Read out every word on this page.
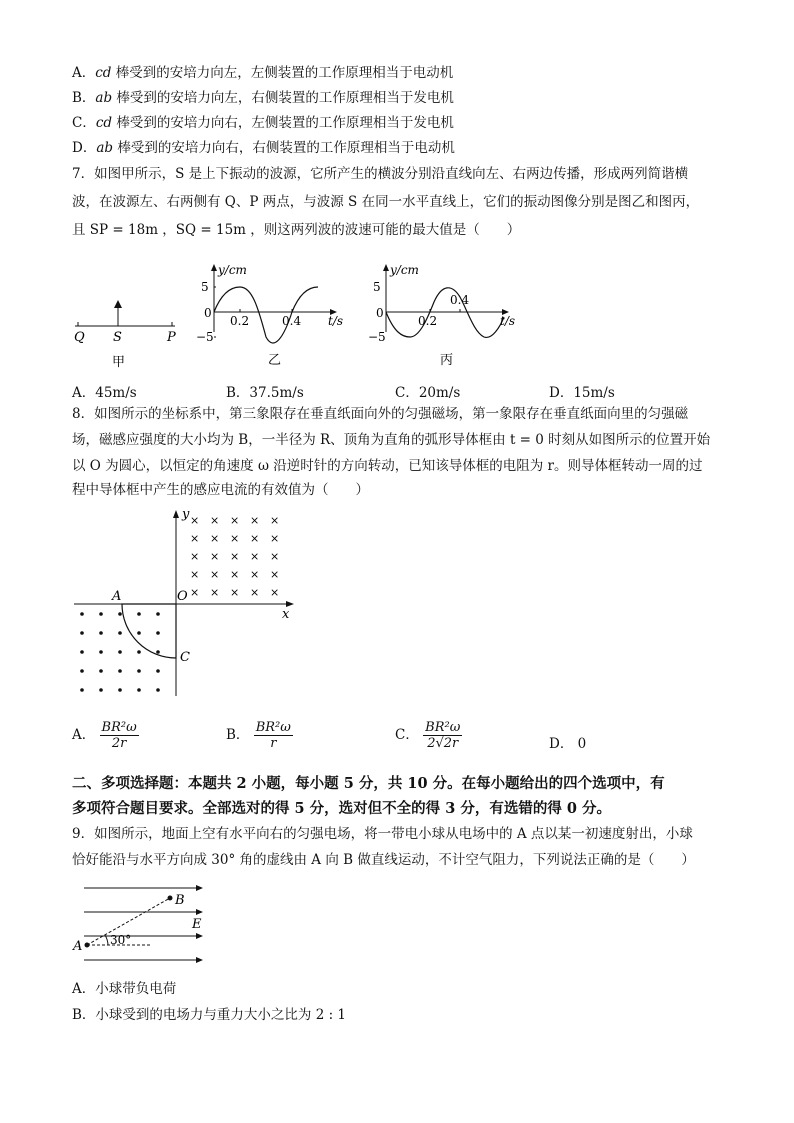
A．cd 棒受到的安培力向左，左侧装置的工作原理相当于电动机
B．ab 棒受到的安培力向左，右侧装置的工作原理相当于发电机
C．cd 棒受到的安培力向右，左侧装置的工作原理相当于发电机
D．ab 棒受到的安培力向右，右侧装置的工作原理相当于电动机
7．如图甲所示，S 是上下振动的波源，它所产生的横波分别沿直线向左、右两边传播，形成两列简谐横
波，在波源左、右两侧有 Q、P 两点，与波源 S 在同一水平直线上，它们的振动图像分别是图乙和图丙，
且 SP = 18m ，SQ = 15m ，则这两列波的波速可能的最大值是（　　）
Q S	P
甲
y/cm
5
0
−5
0.2	0.4 t/s
乙
y/cm
5
0
−5
0.2
0.4
t/s
丙
A．45m/s	B．37.5m/s	C．20m/s	D．15m/s
8．如图所示的坐标系中，第三象限存在垂直纸面向外的匀强磁场，第一象限存在垂直纸面向里的匀强磁
场，磁感应强度的大小均为 B，一半径为 R、顶角为直角的弧形导体框由 t = 0 时刻从如图所示的位置开始
以 O 为圆心，以恒定的角速度 ω 沿逆时针的方向转动，已知该导体框的电阻为 r。则导体框转动一周的过
程中导体框中产生的感应电流的有效值为（　　）
y
x
O
A
C
× × × × ×
× × × × ×
× × × × ×
× × × × ×
× × × × ×
A． $\frac{\text{BR²ω}}{2r}$	B． $\frac{\text{BR²ω}}{r}$	C． $\frac{\text{BR²ω}}{2√2r}$	D． 0
二、多项选择题：本题共 2 小题，每小题 5 分，共 10 分。在每小题给出的四个选项中，有
多项符合题目要求。全部选对的得 5 分，选对但不全的得 3 分，有选错的得 0 分。
9．如图所示，地面上空有水平向右的匀强电场，将一带电小球从电场中的 A 点以某一初速度射出，小球
恰好能沿与水平方向成 30° 角的虚线由 A 向 B 做直线运动，不计空气阻力，下列说法正确的是（　　）
A
B
E
30°
A．小球带负电荷
B．小球受到的电场力与重力大小之比为 2 : 1
